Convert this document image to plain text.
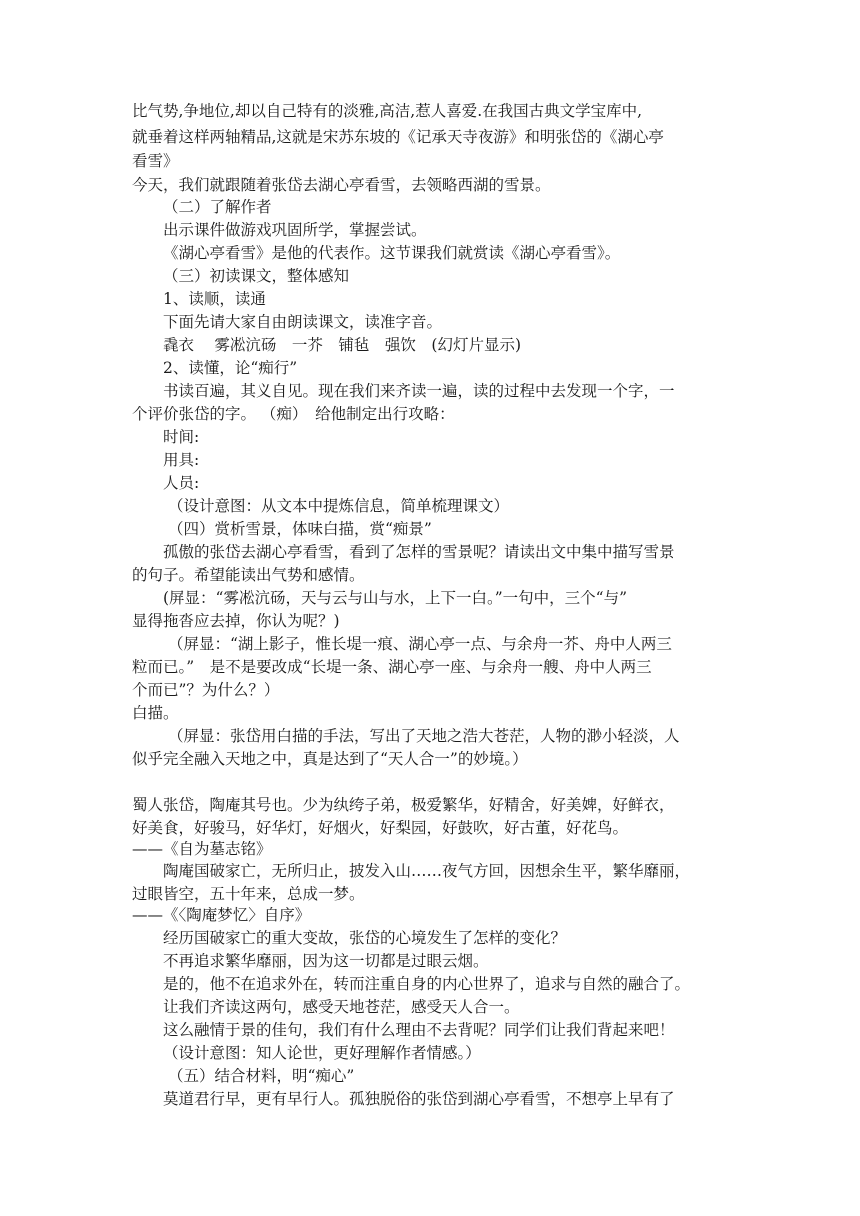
比气势,争地位,却以自己特有的淡雅,高洁,惹人喜爱.在我国古典文学宝库中,
就垂着这样两轴精品,这就是宋苏东坡的《记承天寺夜游》和明张岱的《湖心亭
看雪》
今天，我们就跟随着张岱去湖心亭看雪，去领略西湖的雪景。
（二）了解作者
出示课件做游戏巩固所学，掌握尝试。
《湖心亭看雪》是他的代表作。这节课我们就赏读《湖心亭看雪》。
（三）初读课文，整体感知
1、读顺，读通
下面先请大家自由朗读课文，读准字音。
毳衣　 雾凇沆砀　一芥　铺毡　强饮　(幻灯片显示)
2、读懂，论“痴行”
书读百遍，其义自见。现在我们来齐读一遍，读的过程中去发现一个字，一
个评价张岱的字。 （痴）　给他制定出行攻略：
时间:
用具:
人员:
（设计意图：从文本中提炼信息，简单梳理课文）
（四）赏析雪景，体味白描，赏“痴景”
孤傲的张岱去湖心亭看雪，看到了怎样的雪景呢？请读出文中集中描写雪景
的句子。希望能读出气势和感情。
(屏显：“雾凇沆砀，天与云与山与水，上下一白。”一句中，三个“与”
显得拖沓应去掉，你认为呢？)
（屏显：“湖上影子，惟长堤一痕、湖心亭一点、与余舟一芥、舟中人两三
粒而已。”　是不是要改成“长堤一条、湖心亭一座、与余舟一艘、舟中人两三
个而已”？为什么？）
白描。
（屏显：张岱用白描的手法，写出了天地之浩大苍茫，人物的渺小轻淡，人
似乎完全融入天地之中，真是达到了“天人合一”的妙境。）
蜀人张岱，陶庵其号也。少为纨绔子弟，极爱繁华，好精舍，好美婢，好鲜衣，
好美食，好骏马，好华灯，好烟火，好梨园，好鼓吹，好古董，好花鸟。
——《自为墓志铭》
陶庵国破家亡，无所归止，披发入山……夜气方回，因想余生平，繁华靡丽，
过眼皆空，五十年来，总成一梦。
——《〈陶庵梦忆〉自序》
经历国破家亡的重大变故，张岱的心境发生了怎样的变化？
不再追求繁华靡丽，因为这一切都是过眼云烟。
是的，他不在追求外在，转而注重自身的内心世界了，追求与自然的融合了。
让我们齐读这两句，感受天地苍茫，感受天人合一。
这么融情于景的佳句，我们有什么理由不去背呢？同学们让我们背起来吧！
（设计意图：知人论世，更好理解作者情感。）
（五）结合材料，明“痴心”
莫道君行早，更有早行人。孤独脱俗的张岱到湖心亭看雪，不想亭上早有了
